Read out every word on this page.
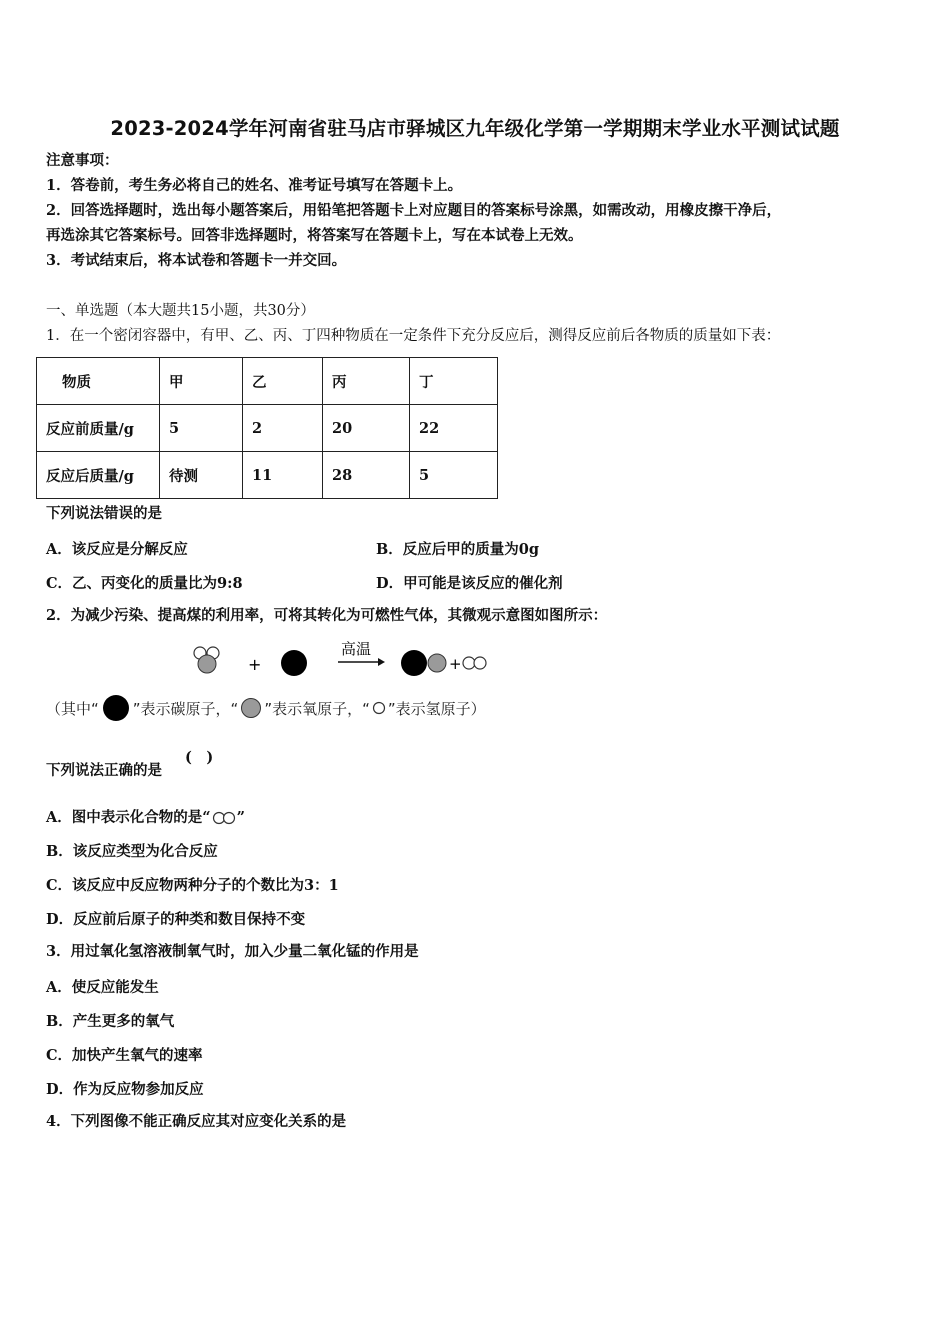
2023-2024学年河南省驻马店市驿城区九年级化学第一学期期末学业水平测试试题
注意事项：
1．答卷前，考生务必将自己的姓名、准考证号填写在答题卡上。
2．回答选择题时，选出每小题答案后，用铅笔把答题卡上对应题目的答案标号涂黑，如需改动，用橡皮擦干净后，
再选涂其它答案标号。回答非选择题时，将答案写在答题卡上，写在本试卷上无效。
3．考试结束后，将本试卷和答题卡一并交回。
一、单选题（本大题共15小题，共30分）
1．在一个密闭容器中，有甲、乙、丙、丁四种物质在一定条件下充分反应后，测得反应前后各物质的质量如下表：
物质	甲	乙	丙	丁
反应前质量/g	5	2	20	22
反应后质量/g	待测	11	28	5
下列说法错误的是
A．该反应是分解反应	B．反应后甲的质量为0g
C．乙、丙变化的质量比为9:8	D．甲可能是该反应的催化剂
2．为减少污染、提高煤的利用率，可将其转化为可燃性气体，其微观示意图如图所示：
+
高温
+
（其中“ ”表示碳原子，“ ”表示氧原子，“ ”表示氢原子）
下列说法正确的是
(　)
A．图中表示化合物的是“ ”
B．该反应类型为化合反应
C．该反应中反应物两种分子的个数比为3：1
D．反应前后原子的种类和数目保持不变
3．用过氧化氢溶液制氧气时，加入少量二氧化锰的作用是
A．使反应能发生
B．产生更多的氧气
C．加快产生氧气的速率
D．作为反应物参加反应
4．下列图像不能正确反应其对应变化关系的是
